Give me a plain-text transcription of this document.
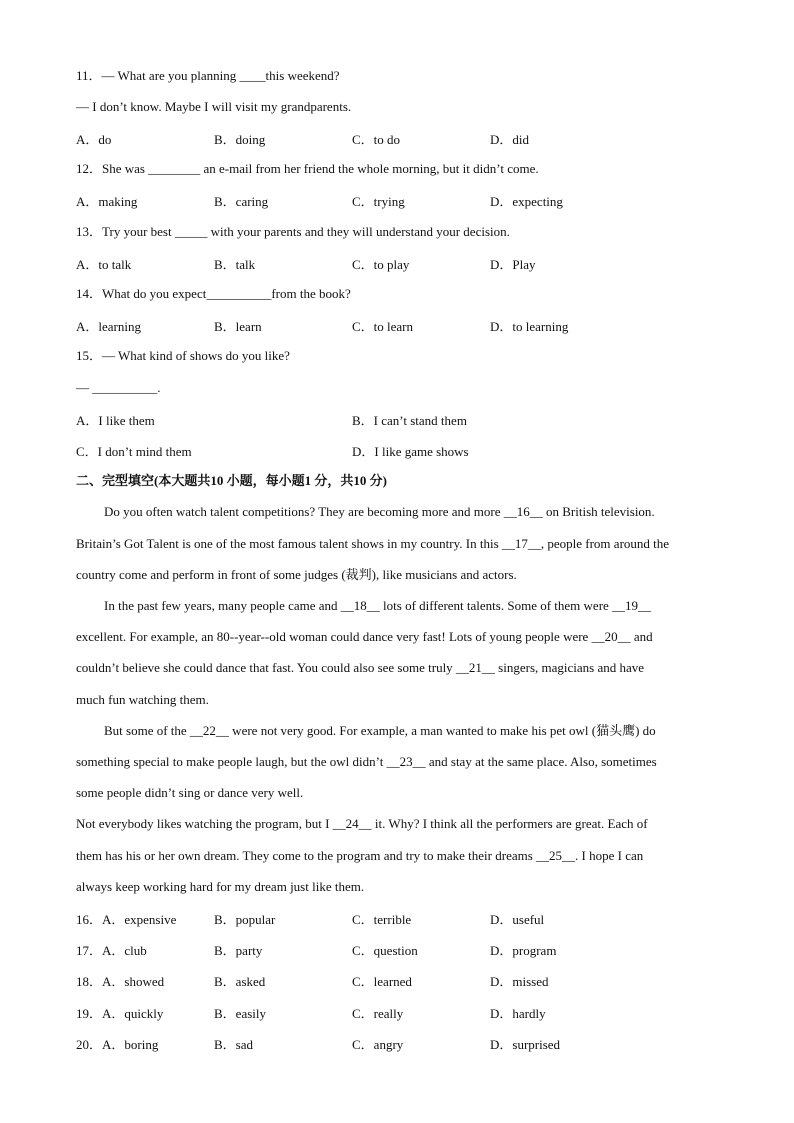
11．— What are you planning ____this weekend?
— I don’t know. Maybe I will visit my grandparents.
A．do	B．doing	C．to do	D．did
12．She was ________ an e-mail from her friend the whole morning, but it didn’t come.
A．making	B．caring	C．trying	D．expecting
13．Try your best _____ with your parents and they will understand your decision.
A．to talk	B．talk	C．to play	D．Play
14．What do you expect__________from the book?
A．learning	B．learn	C．to learn	D．to learning
15．— What kind of shows do you like?
— __________.
A．I like them	B．I can’t stand them
C．I don’t mind them	D．I like game shows
二、完型填空(本大题共10 小题，每小题1 分，共10 分)
Do you often watch talent competitions? They are becoming more and more __16__ on British television.
Britain’s Got Talent is one of the most famous talent shows in my country. In this __17__, people from around the
country come and perform in front of some judges (裁判), like musicians and actors.
In the past few years, many people came and __18__ lots of different talents. Some of them were __19__
excellent. For example, an 80--year--old woman could dance very fast! Lots of young people were __20__ and
couldn’t believe she could dance that fast. You could also see some truly __21__ singers, magicians and have
much fun watching them.
But some of the __22__ were not very good. For example, a man wanted to make his pet owl (猫头鹰) do
something special to make people laugh, but the owl didn’t __23__ and stay at the same place. Also, sometimes
some people didn’t sing or dance very well.
Not everybody likes watching the program, but I __24__ it. Why? I think all the performers are great. Each of
them has his or her own dream. They come to the program and try to make their dreams __25__. I hope I can
always keep working hard for my dream just like them.
16．A．expensive	B．popular	C．terrible	D．useful
17．A．club	B．party	C．question	D．program
18．A．showed	B．asked	C．learned	D．missed
19．A．quickly	B．easily	C．really	D．hardly
20．A．boring	B．sad	C．angry	D．surprised
